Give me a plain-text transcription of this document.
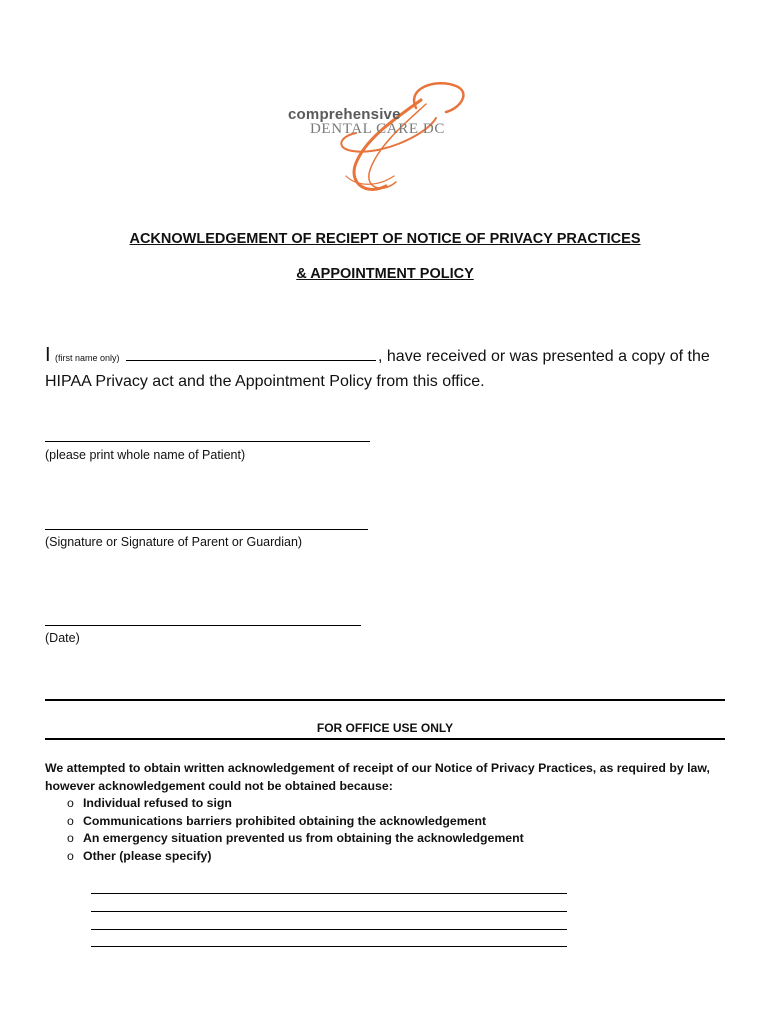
comprehensive
DENTAL CARE DC
ACKNOWLEDGEMENT OF RECIEPT OF NOTICE OF PRIVACY PRACTICES
& APPOINTMENT POLICY
I (first name only)	, have received or was presented a copy of the
HIPAA Privacy act and the Appointment Policy from this office.
(please print whole name of Patient)
(Signature or Signature of Parent or Guardian)
(Date)
FOR OFFICE USE ONLY
We attempted to obtain written acknowledgement of receipt of our Notice of Privacy Practices, as required by law, however acknowledgement could not be obtained because:
o Individual refused to sign
o Communications barriers prohibited obtaining the acknowledgement
o An emergency situation prevented us from obtaining the acknowledgement
o Other (please specify)
